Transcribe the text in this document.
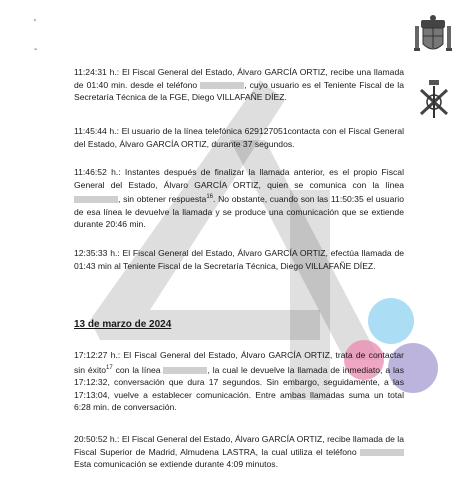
'
-

11:24:31 h.: El Fiscal General del Estado, Álvaro GARCÍA ORTIZ, recibe una llamada de 01:40 min. desde el teléfono	, cuyo usuario es el Teniente Fiscal de la Secretaría Técnica de la FGE, Diego VILLAFAÑE DÍEZ.

11:45:44 h.: El usuario de la línea telefónica 629127051contacta con el Fiscal General del Estado, Álvaro GARCÍA ORTIZ, durante 37 segundos.

11:46:52 h.: Instantes después de finalizar la llamada anterior, es el propio Fiscal General del Estado, Álvaro GARCÍA ORTIZ, quien se comunica con la línea , sin obtener respuesta$^{16}$. No obstante, cuando son las 11:50:35 el usuario de esa línea le devuelve la llamada y se produce una comunicación que se extiende durante 20:46 min.

12:35:33 h.: El Fiscal General del Estado, Álvaro GARCÍA ORTIZ, efectúa llamada de 01:43 min al Teniente Fiscal de la Secretaría Técnica, Diego VILLAFAÑE DÍEZ.

13 de marzo de 2024

17:12:27 h.: El Fiscal General del Estado, Álvaro GARCÍA ORTIZ, trata de contactar sin éxito$^{17}$ con la línea	, la cual le devuelve la llamada de inmediato, a las 17:12:32, conversación que dura 17 segundos. Sin embargo, seguidamente, a las 17:13:04, vuelve a establecer comunicación. Entre ambas llamadas suma un total 6:28 min. de conversación.

20:50:52 h.: El Fiscal General del Estado, Álvaro GARCÍA ORTIZ, recibe llamada de la Fiscal Superior de Madrid, Almudena LASTRA, la cual utiliza el teléfono  Esta comunicación se extiende durante 4:09 minutos.
